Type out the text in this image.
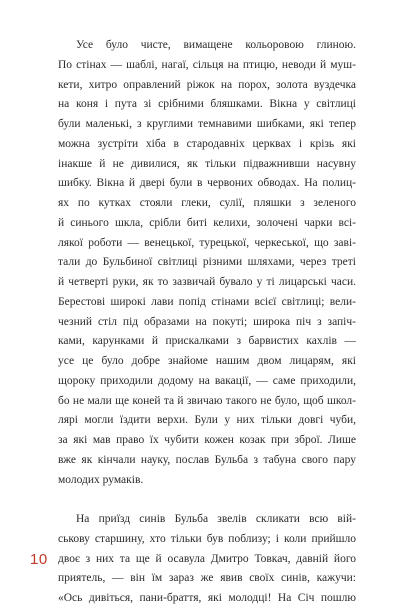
Усе було чисте, вимащене кольоровою глиною.
По стінах — шаблі, нагаї, сільця на птицю, неводи й муш-
кети, хитро оправлений ріжок на порох, золота вуздечка
на коня і пута зі срібними бляшками. Вікна у світлиці
були маленькі, з круглими темнавими шибками, які тепер
можна зустріти хіба в стародавніх церквах і крізь які
інакше й не дивилися, як тільки підважнивши насувну
шибку. Вікна й двері були в червоних обводах. На полиц-
ях по кутках стояли глеки, сулії, пляшки з зеленого
й синього шкла, срібли биті келихи, золочені чарки всі-
лякої роботи — венецької, турецької, черкеської, що заві-
тали до Бульбиної світлиці різними шляхами, через треті
й четверті руки, як то зазвичай бувало у ті лицарські часи.
Берестові широкі лави попід стінами всієї світлиці; вели-
чезний стіл під образами на покуті; широка піч з запіч-
ками, карунками й прискалками з барвистих кахлів —
усе це було добре знайоме нашим двом лицарям, які
щороку приходили додому на вакації, — саме приходили,
бо не мали ще коней та й звичаю такого не було, щоб школ-
лярі могли їздити верхи. Були у них тільки довгі чуби,
за які мав право їх чубити кожен козак при зброї. Лише
вже як кінчали науку, послав Бульба з табуна свого пару
молодих румаків.
На приїзд синів Бульба звелів скликати всю вій-
ськову старшину, хто тільки був поблизу; і коли прийшло
двоє з них та ще й осавула Дмитро Товкач, давній його
приятель, — він їм зараз же явив своїх синів, кажучи:
«Ось дивіться, пани-браття, які молодці! На Січ пошлю
10
